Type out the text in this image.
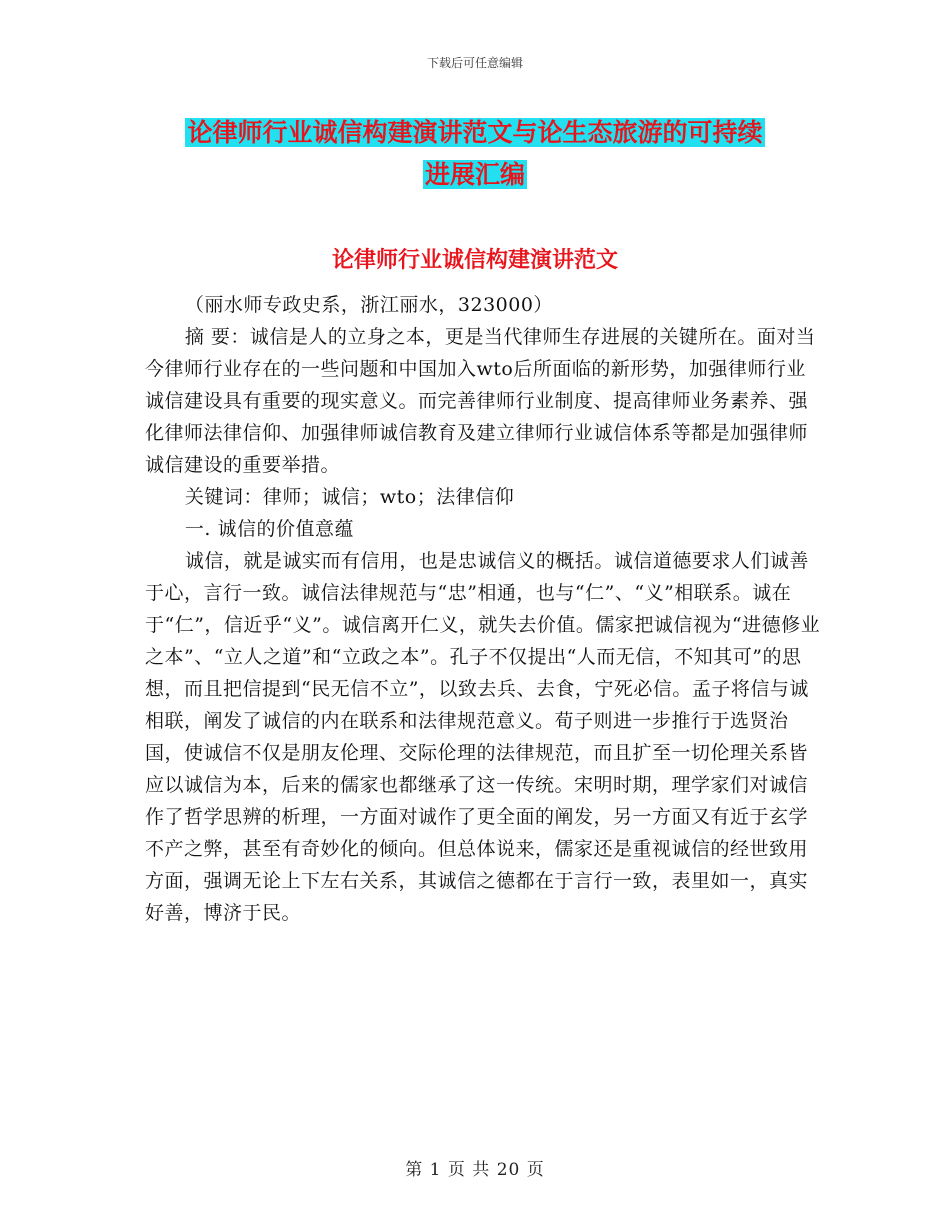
下载后可任意编辑
论律师行业诚信构建演讲范文与论生态旅游的可持续
进展汇编
论律师行业诚信构建演讲范文

（丽水师专政史系，浙江丽水，323000）

摘 要：诚信是人的立身之本，更是当代律师生存进展的关键所在。面对当今律师行业存在的一些问题和中国加入wto后所面临的新形势，加强律师行业诚信建设具有重要的现实意义。而完善律师行业制度、提高律师业务素养、强化律师法律信仰、加强律师诚信教育及建立律师行业诚信体系等都是加强律师诚信建设的重要举措。

关键词：律师；诚信；wto；法律信仰

一. 诚信的价值意蕴

诚信，就是诚实而有信用，也是忠诚信义的概括。诚信道德要求人们诚善于心，言行一致。诚信法律规范与“忠”相通，也与“仁”、“义”相联系。诚在于“仁”，信近乎“义”。诚信离开仁义，就失去价值。儒家把诚信视为“进德修业之本”、“立人之道”和“立政之本”。孔子不仅提出“人而无信，不知其可”的思想，而且把信提到“民无信不立”，以致去兵、去食，宁死必信。孟子将信与诚相联，阐发了诚信的内在联系和法律规范意义。荀子则进一步推行于选贤治国，使诚信不仅是朋友伦理、交际伦理的法律规范，而且扩至一切伦理关系皆应以诚信为本，后来的儒家也都继承了这一传统。宋明时期，理学家们对诚信作了哲学思辨的析理，一方面对诚作了更全面的阐发，另一方面又有近于玄学不产之弊，甚至有奇妙化的倾向。但总体说来，儒家还是重视诚信的经世致用方面，强调无论上下左右关系，其诚信之德都在于言行一致，表里如一，真实好善，博济于民。

第 1 页 共 20 页
